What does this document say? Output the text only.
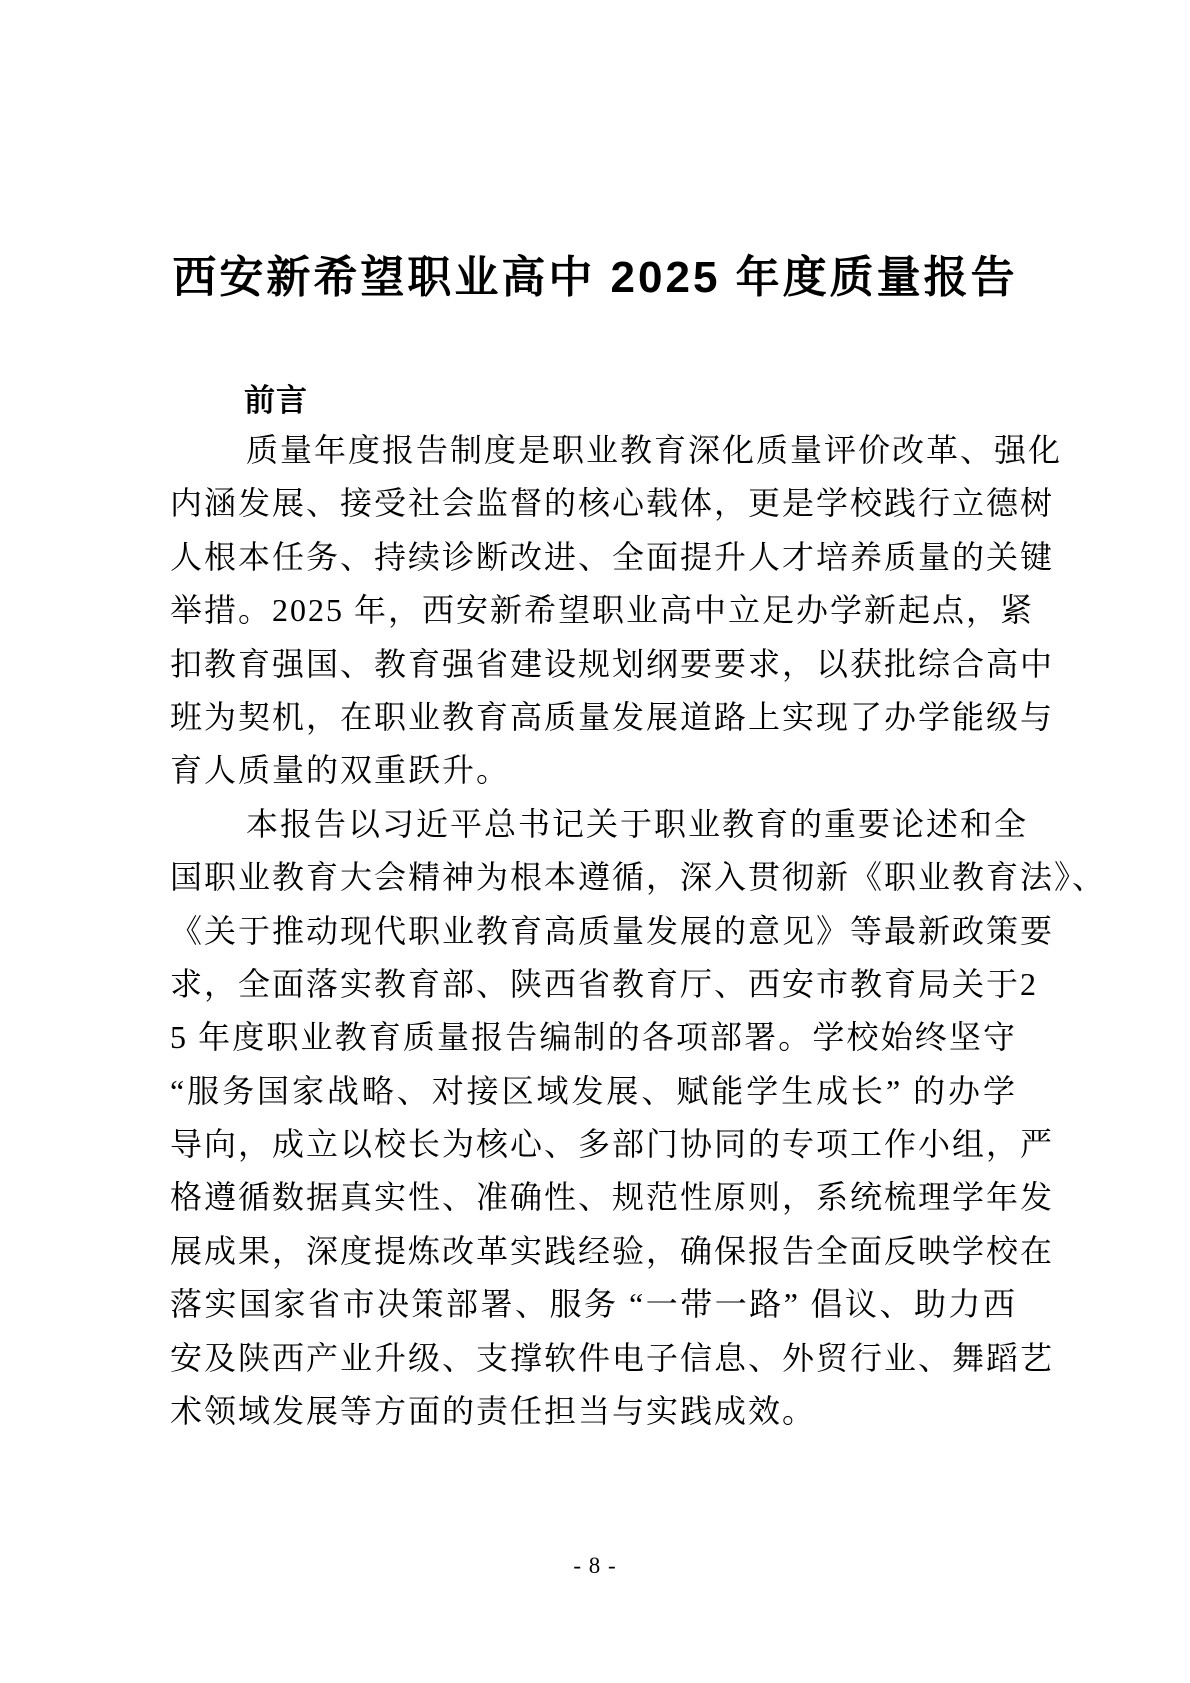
西安新希望职业高中 2025 年度质量报告
前言
质量年度报告制度是职业教育深化质量评价改革、强化
内涵发展、接受社会监督的核心载体，更是学校践行立德树
人根本任务、持续诊断改进、全面提升人才培养质量的关键
举措。2025 年，西安新希望职业高中立足办学新起点，紧
扣教育强国、教育强省建设规划纲要要求，以获批综合高中
班为契机，在职业教育高质量发展道路上实现了办学能级与
育人质量的双重跃升。
本报告以习近平总书记关于职业教育的重要论述和全
国职业教育大会精神为根本遵循，深入贯彻新《职业教育法》、
《关于推动现代职业教育高质量发展的意见》等最新政策要
求，全面落实教育部、陕西省教育厅、西安市教育局关于2
5 年度职业教育质量报告编制的各项部署。学校始终坚守
“服务国家战略、对接区域发展、赋能学生成长” 的办学
导向，成立以校长为核心、多部门协同的专项工作小组，严
格遵循数据真实性、准确性、规范性原则，系统梳理学年发
展成果，深度提炼改革实践经验，确保报告全面反映学校在
落实国家省市决策部署、服务 “一带一路” 倡议、助力西
安及陕西产业升级、支撑软件电子信息、外贸行业、舞蹈艺
术领域发展等方面的责任担当与实践成效。
- 8 -
